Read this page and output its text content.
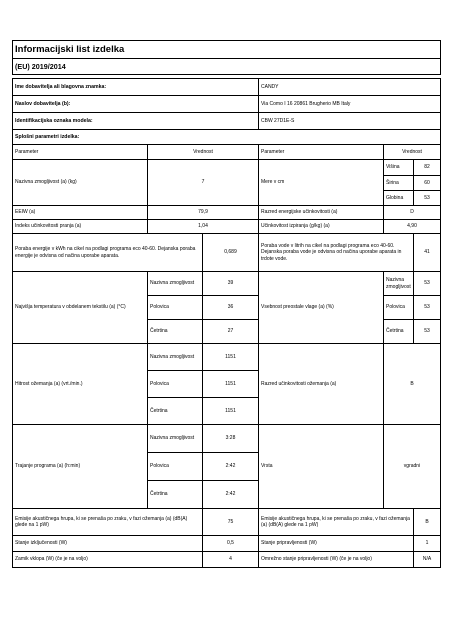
Informacijski list izdelka					
(EU) 2019/2014					

Ime dobavitelja ali blagovna znamka:			CANDY		
Naslov dobavitelja (b):			Via Como I 16 20861 Brugherio MB Italy		
Identifikacijska oznaka modela:			CBW 27D1E-S		
Splošni parametri izdelka:					
Parameter	Vrednost		Parameter	Vrednost	
Nazivna zmogljivost (a) (kg)	7		Mere v cm	Višina	82
				Širina	60
				Globina	53
EEIW (a)	79,9		Razred energijske učinkovitosti (a)	D	
Indeks učinkovitosti pranja (a)	1,04		Učinkovitost izpiranja (g/kg) (a)	4,90	
Poraba energije v kWh na cikel na podlagi programa eco 40-60. Dejanska poraba energije je odvisna od načina uporabe aparata.		0,689	Poraba vode v litrih na cikel na podlagi programa eco 40-60. Dejanska poraba vode je odvisna od načina uporabe aparata in trdote vode.		41
Najvišja temperatura v obdelanem tekstilu (a) (°C)	Nazivna zmogljivost	39	Vsebnost preostale vlage (a) (%)	Nazivna zmogljivost	53
	Polovica	36		Polovica	53
	Četrtina	27		Četrtina	53
Hitrost ožemanja (a) (vrt./min.)	Nazivna zmogljivost	1151	Razred učinkovitosti ožemanja (a)	B	
	Polovica	1151			
	Četrtina	1151			
Trajanje programa (a) (h:min)	Nazivna zmogljivost	3:28	Vrsta	vgradni	
	Polovica	2:42			
	Četrtina	2:42			
Emisije akustičnega hrupa, ki se prenaša po zraku, v fazi ožemanja (a) (dB(A) glede na 1 pW)		75	Emisije akustičnega hrupa, ki se prenaša po zraku, v fazi ožemanja (a) (dB(A) glede na 1 pW)		B
Stanje izključenosti (W)		0,5	Stanje pripravljenosti (W)		1
Zamik vklopa (W) (če je na voljo)		4	Omrežno stanje pripravljenosti (W) (če je na voljo)		N/A
